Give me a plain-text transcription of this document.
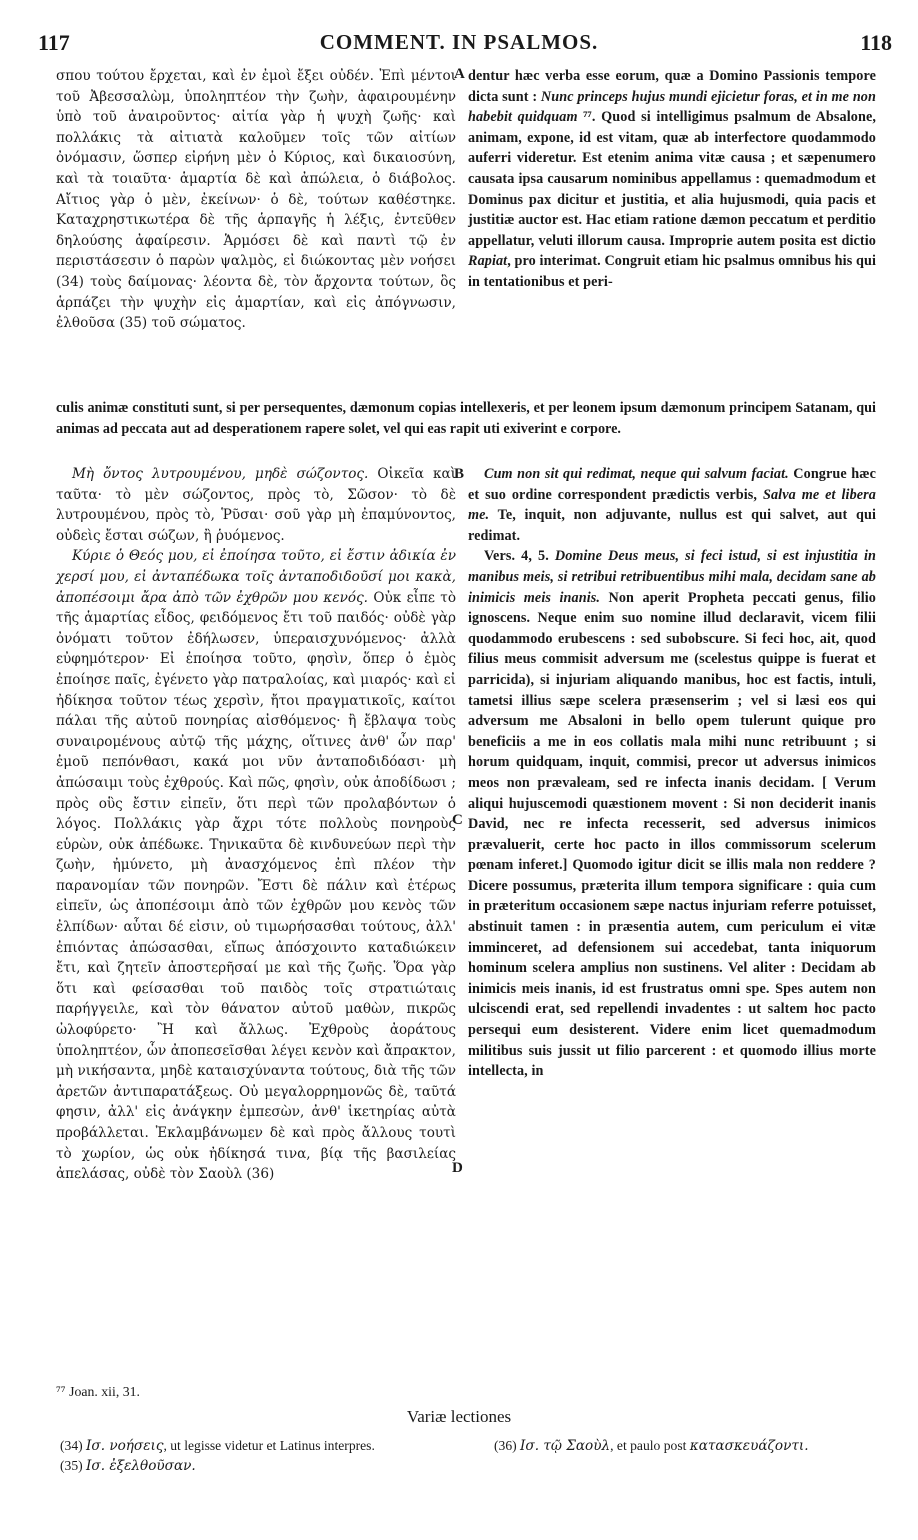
117	COMMENT. IN PSALMOS.	118

σπου τούτου ἔρχεται, καὶ ἐν ἐμοὶ ἔξει οὐδέν. Ἐπὶ μέντοι τοῦ Ἀβεσσαλὼμ, ὑποληπτέον τὴν ζωὴν, ἀφαιρουμένην ὑπὸ τοῦ ἀναιροῦντος· αἰτία γὰρ ἡ ψυχὴ ζωῆς· καὶ πολλάκις τὰ αἰτιατὰ καλοῦμεν τοῖς τῶν αἰτίων ὀνόμασιν, ὥσπερ εἰρήνη μὲν ὁ Κύριος, καὶ δικαιοσύνη, καὶ τὰ τοιαῦτα· ἁμαρτία δὲ καὶ ἀπώλεια, ὁ διάβολος. Αἴτιος γὰρ ὁ μὲν, ἐκείνων· ὁ δὲ, τούτων καθέστηκε. Καταχρηστικωτέρα δὲ τῆς ἁρπαγῆς ἡ λέξις, ἐντεῦθεν δηλούσης ἀφαίρεσιν. Ἁρμόσει δὲ καὶ παντὶ τῷ ἐν περιστάσεσιν ὁ παρὼν ψαλμὸς, εἰ διώκοντας μὲν νοήσει (34) τοὺς δαίμονας· λέοντα δὲ, τὸν ἄρχοντα τούτων, ὃς ἁρπάζει τὴν ψυχὴν εἰς ἁμαρτίαν, καὶ εἰς ἀπόγνωσιν, ἐλθοῦσα (35) τοῦ σώματος.

A dentur hæc verba esse eorum, quæ a Domino Passionis tempore dicta sunt : Nunc princeps hujus mundi ejicietur foras, et in me non habebit quidquam ⁷⁷. Quod si intelligimus psalmum de Absalone, animam, expone, id est vitam, quæ ab interfectore quodammodo auferri videretur. Est etenim anima vitæ causa ; et sæpenumero causata ipsa causarum nominibus appellamus : quemadmodum et Dominus pax dicitur et justitia, et alia hujusmodi, quia pacis et justitiæ auctor est. Hac etiam ratione dæmon peccatum et perditio appellatur, veluti illorum causa. Improprie autem posita est dictio Rapiat, pro interimat. Congruit etiam hic psalmus omnibus his qui in tentationibus et peri-

culis animæ constituti sunt, si per persequentes, dæmonum copias intellexeris, et per leonem ipsum dæmonum principem Satanam, qui animas ad peccata aut ad desperationem rapere solet, vel qui eas rapit uti exiverint e corpore.

Μὴ ὄντος λυτρουμένου, μηδὲ σώζοντος. Οἰκεῖα καὶ ταῦτα· τὸ μὲν σώζοντος, πρὸς τὸ, Σῶσον· τὸ δὲ λυτρουμένου, πρὸς τὸ, Ῥῦσαι· σοῦ γὰρ μὴ ἐπαμύνοντος, οὐδεὶς ἔσται σώζων, ἢ ῥυόμενος.

Κύριε ὁ Θεός μου, εἰ ἐποίησα τοῦτο, εἰ ἔστιν ἀδικία ἐν χερσί μου, εἰ ἀνταπέδωκα τοῖς ἀνταποδιδοῦσί μοι κακὰ, ἀποπέσοιμι ἄρα ἀπὸ τῶν ἐχθρῶν μου κενός. Οὐκ εἶπε τὸ τῆς ἁμαρτίας εἶδος, φειδόμενος ἔτι τοῦ παιδός· οὐδὲ γὰρ ὀνόματι τοῦτον ἐδήλωσεν, ὑπεραισχυνόμενος· ἀλλὰ εὐφημότερον· Εἰ ἐποίησα τοῦτο, φησὶν, ὅπερ ὁ ἐμὸς ἐποίησε παῖς, ἐγένετο γὰρ πατραλοίας, καὶ μιαρός· καὶ εἰ ἠδίκησα τοῦτον τέως χερσὶν, ἤτοι πραγματικοῖς, καίτοι πάλαι τῆς αὐτοῦ πονηρίας αἰσθόμενος· ἢ ἔβλαψα τοὺς συναιρομένους αὐτῷ τῆς μάχης, οἵτινες ἀνθ' ὧν παρ' ἐμοῦ πεπόνθασι, κακά μοι νῦν ἀνταποδιδόασι· μὴ ἀπώσαιμι τοὺς ἐχθρούς. Καὶ πῶς, φησὶν, οὐκ ἀποδίδωσι ; πρὸς οὓς ἔστιν εἰπεῖν, ὅτι περὶ τῶν προλαβόντων ὁ λόγος. Πολλάκις γὰρ ἄχρι τότε πολλοὺς πονηροὺς εὑρὼν, οὐκ ἀπέδωκε. Τηνικαῦτα δὲ κινδυνεύων περὶ τὴν ζωὴν, ἠμύνετο, μὴ ἀνασχόμενος ἐπὶ πλέον τὴν παρανομίαν τῶν πονηρῶν. Ἔστι δὲ πάλιν καὶ ἑτέρως εἰπεῖν, ὡς ἀποπέσοιμι ἀπὸ τῶν ἐχθρῶν μου κενὸς τῶν ἐλπίδων· αὗται δέ εἰσιν, οὐ τιμωρήσασθαι τούτους, ἀλλ' ἐπιόντας ἀπώσασθαι, εἴπως ἀπόσχοιντο καταδιώκειν ἔτι, καὶ ζητεῖν ἀποστερῆσαί με καὶ τῆς ζωῆς. Ὅρα γὰρ ὅτι καὶ φείσασθαι τοῦ παιδὸς τοῖς στρατιώταις παρήγγειλε, καὶ τὸν θάνατον αὐτοῦ μαθὼν, πικρῶς ὠλοφύρετο· Ἢ καὶ ἄλλως. Ἐχθροὺς ἀοράτους ὑποληπτέον, ὧν ἀποπεσεῖσθαι λέγει κενὸν καὶ ἄπρακτον, μὴ νικήσαντα, μηδὲ καταισχύναντα τούτους, διὰ τῆς τῶν ἀρετῶν ἀντιπαρατάξεως. Οὐ μεγαλορρημονῶς δὲ, ταῦτά φησιν, ἀλλ' εἰς ἀνάγκην ἐμπεσὼν, ἀνθ' ἱκετηρίας αὐτὰ προβάλλεται. Ἐκλαμβάνωμεν δὲ καὶ πρὸς ἄλλους τουτὶ τὸ χωρίον, ὡς οὐκ ἠδίκησά τινα, βίᾳ τῆς βασιλείας ἀπελάσας, οὐδὲ τὸν Σαοὺλ (36)

B
C
D

Cum non sit qui redimat, neque qui salvum faciat. Congrue hæc et suo ordine correspondent prædictis verbis, Salva me et libera me. Te, inquit, non adjuvante, nullus est qui salvet, aut qui redimat.

Vers. 4, 5. Domine Deus meus, si feci istud, si est injustitia in manibus meis, si retribui retribuentibus mihi mala, decidam sane ab inimicis meis inanis. Non aperit Propheta peccati genus, filio ignoscens. Neque enim suo nomine illud declaravit, vicem filii quodammodo erubescens : sed subobscure. Si feci hoc, ait, quod filius meus commisit adversum me (scelestus quippe is fuerat et parricida), si injuriam aliquando manibus, hoc est factis, intuli, tametsi illius sæpe scelera præsenserim ; vel si læsi eos qui adversum me Absaloni in bello opem tulerunt quique pro beneficiis a me in eos collatis mala mihi nunc retribuunt ; si horum quidquam, inquit, commisi, precor ut adversus inimicos meos non prævaleam, sed re infecta inanis decidam. [ Verum aliqui hujuscemodi quæstionem movent : Si non deciderit inanis David, nec re infecta recesserit, sed adversus inimicos prævaluerit, certe hoc pacto in illos commissorum scelerum pœnam inferet.] Quomodo igitur dicit se illis mala non reddere ? Dicere possumus, præterita illum tempora significare : quia cum in præteritum occasionem sæpe nactus injuriam referre potuisset, abstinuit tamen : in præsentia autem, cum periculum ei vitæ imminceret, ad defensionem sui accedebat, tanta iniquorum hominum scelera amplius non sustinens. Vel aliter : Decidam ab inimicis meis inanis, id est frustratus omni spe. Spes autem non ulciscendi erat, sed repellendi invadentes : ut saltem hoc pacto persequi eum desisterent. Videre enim licet quemadmodum militibus suis jussit ut filio parcerent : et quomodo illius morte intellecta, in

⁷⁷ Joan. xii, 31.
Variæ lectiones

(34) Ισ. νοήσεις, ut legisse videtur et Latinus interpres.

(35) Ισ. ἐξελθοῦσαν.

(36) Ισ. τῷ Σαοὺλ, et paulo post κατασκευάζοντι.
